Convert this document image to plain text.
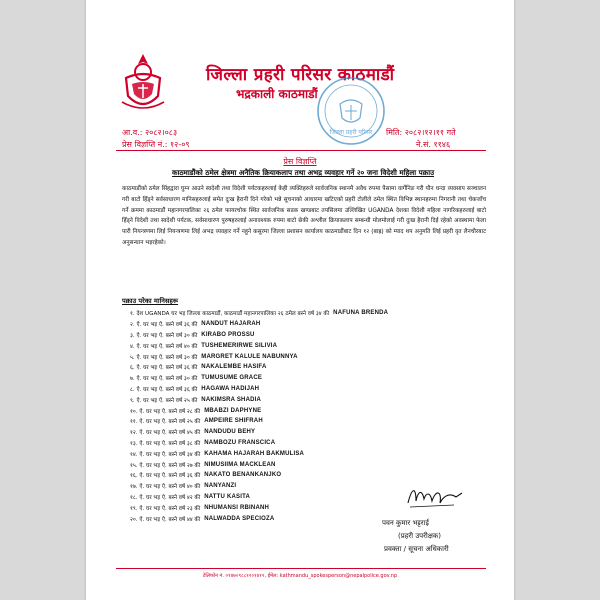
जिल्ला प्रहरी परिसर काठमाडौं
भद्रकाली काठमाडौं
जिल्ला प्रहरी परिसर
आ.व.: २०८२।०८३
प्रेस विज्ञप्ति नं.: १२-०९
मिति: २०८२।१२।११ गते
ने.सं. ११४६
प्रेस विज्ञप्ति
काठमाडौंको ठमेल क्षेत्रमा अनैतिक क्रियाकलाप तथा अभद्र व्यवहार गर्ने २० जना विदेशी महिला पक्राउ
काठमाडौंको ठमेल सिंहद्वारा घुम्न आउने स्वदेशी तथा विदेशी पर्यटकहरुलाई केही व्यक्तिहरुले सार्वजनिक स्थानमै अवैध रुपमा पैसामा वार्गेनिङ गरी यौन धन्दा व्यवसाय सञ्चालन गरी बाटो हिँड्ने सर्वसाधारण मानिसहरुलाई समेत दुःख हैरानी दिने गरेको भन्ने सूचनाको आधारमा खटिएको प्रहरी टोलीले ठमेल स्थित विभिन्न स्थानहरुमा निगरानी तथा चेकजाँच गर्ने क्रममा काठमाडौं महानगरपालिका २६ ठमेल फायरचोक स्थित सार्वजनिक सडक खण्डबाट तपसिलमा उल्लिखित UGANDA देशका विदेशी महिला नागरिकहरुलाई बाटो हिँड्ने विदेशी तथा स्वदेशी पर्यटक, सर्वसाधारण पुरुषहरुलाई अनावश्यक रुपमा बाटो छेकी अश्लील क्रियाकलाप सम्बन्धी मोलमोलाई गरी दुःख हैरानी दिई रहेको अवस्थामा फेला पारी नियन्त्रणमा लिई नियन्त्रणमा लिई अभद्र व्यवहार गर्ने नहुने कसुरमा जिल्ला प्रशासन कार्यालय काठमाडौंबाट दिन १२ (बाह्र) को म्याद थप अनुमति लिई प्रहरी वृत लैनचौरबाट अनुसन्धान भइरहेको।
पक्राउ परेका मानिसहरू
१. देश UGANDA घर भइ जिल्ला काठमाडौं, काठमाडौं महानगरपालिका २६ ठमेल बस्ने वर्ष ३४ की NAFUNA BRENDA
२. ऐ. घर भइ ऐ. बस्ने वर्ष ३६ की NANDUT HAJARAH
३. ऐ. घर भइ ऐ. बस्ने वर्ष ३० की KIRABO PROSSU
४. ऐ. घर भइ ऐ. बस्ने वर्ष ४० की TUSHEMERIRWE SILIVIA
५. ऐ. घर भइ ऐ. बस्ने वर्ष ३० की MARGRET KALULE NABUNNYA
६. ऐ. घर भइ ऐ. बस्ने वर्ष ३६ की NAKALEMBE HASIFA
७. ऐ. घर भइ ऐ. बस्ने वर्ष ३० की TUMUSUME GRACE
८. ऐ. घर भइ ऐ. बस्ने वर्ष ३६ की HAGAWA HADIJAH
९. ऐ. घर भइ ऐ. बस्ने वर्ष २५ की NAKIMSRA SHADIA
१०. ऐ. घर भइ ऐ. बस्ने वर्ष २८ की MBABZI DAPHYNE
११. ऐ. घर भइ ऐ. बस्ने वर्ष २५ की AMPEIRE SHIFRAH
१२. ऐ. घर भइ ऐ. बस्ने वर्ष ४५ की NANDUDU BEHY
१३. ऐ. घर भइ ऐ. बस्ने वर्ष ३८ की NAMBOZU FRANSCICA
१४. ऐ. घर भइ ऐ. बस्ने वर्ष ३४ की KAHAMA HAJARAH BAKMULISA
१५. ऐ. घर भइ ऐ. बस्ने वर्ष २७ की NIMUSIIMA MACKLEAN
१६. ऐ. घर भइ ऐ. बस्ने वर्ष ३६ की NAKATO BENANKANJKO
१७. ऐ. घर भइ ऐ. बस्ने वर्ष ४० की NANYANZI
१८. ऐ. घर भइ ऐ. बस्ने वर्ष ४२ की NATTU KASITA
१९. ऐ. घर भइ ऐ. बस्ने वर्ष २३ की NHUMANSI RBINANH
२०. ऐ. घर भइ ऐ. बस्ने वर्ष ४४ की NALWADDA SPECIOZA
पवन कुमार भट्टराई
(प्रहरी उपरीक्षक)
प्रवक्ता / सूचना अधिकारी
टेलिफोन नं. ०१४७०९८८१२०१४१२, ईमेल: kathmandu_spokesperson@nepalpolice.gov.np
